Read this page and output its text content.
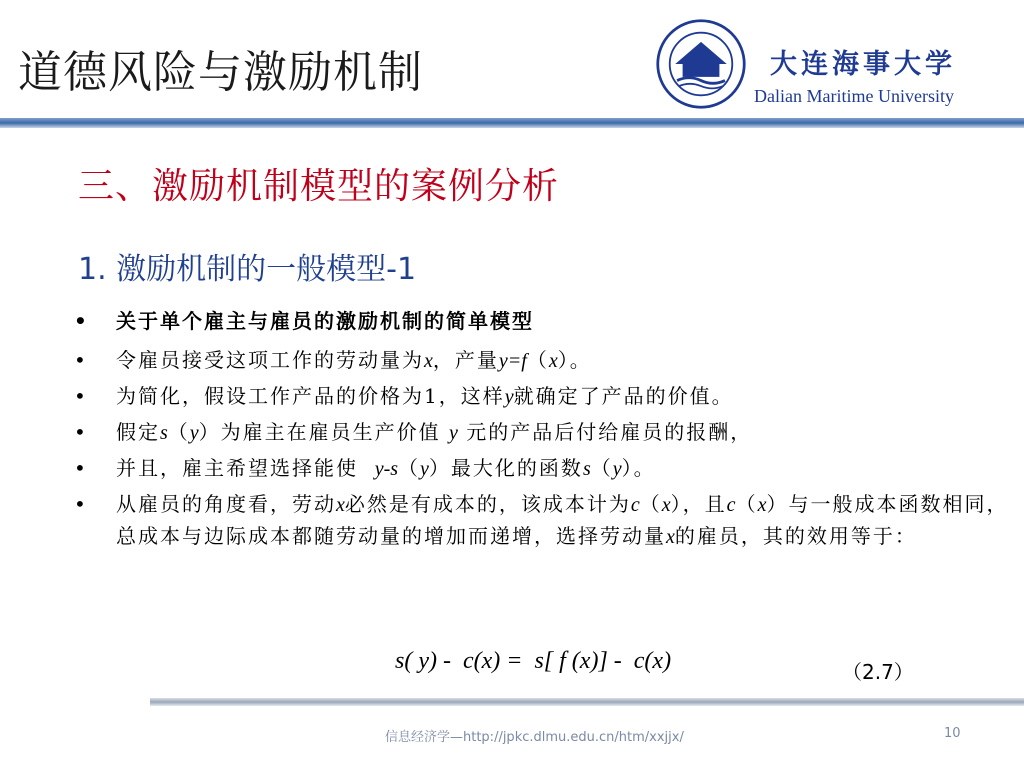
道德风险与激励机制	大连海事大学
Dalian Maritime University
三、激励机制模型的案例分析
1. 激励机制的一般模型-1
• 关于单个雇主与雇员的激励机制的简单模型
• 令雇员接受这项工作的劳动量为x，产量y=f（x）。
• 为简化，假设工作产品的价格为1，这样y就确定了产品的价值。
• 假定s（y）为雇主在雇员生产价值 y 元的产品后付给雇员的报酬，
• 并且，雇主希望选择能使  y-s（y）最大化的函数s（y）。
• 从雇员的角度看，劳动x必然是有成本的，该成本计为c（x），且c（x）与一般成本函数相同，总成本与边际成本都随劳动量的增加而递增，选择劳动量x的雇员，其的效用等于：
s( y) -  c(x) =  s[ f (x)] -  c(x)	（2.7）
信息经济学—http://jpkc.dlmu.edu.cn/htm/xxjjx/	10
